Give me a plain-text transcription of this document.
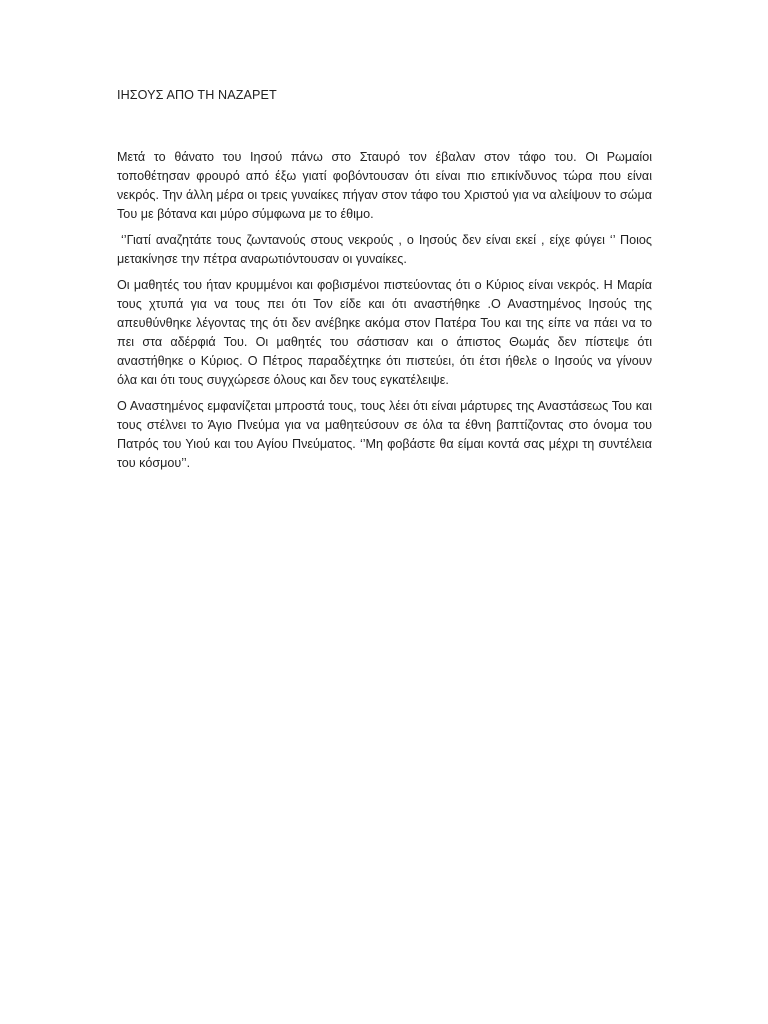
ΙΗΣΟΥΣ ΑΠΟ ΤΗ ΝΑΖΑΡΕΤ

Μετά το θάνατο του Ιησού πάνω στο Σταυρό τον έβαλαν στον τάφο του. Οι Ρωμαίοι τοποθέτησαν φρουρό από έξω γιατί φοβόντουσαν ότι είναι πιο επικίνδυνος τώρα που είναι νεκρός. Την άλλη μέρα οι τρεις γυναίκες πήγαν στον τάφο του Χριστού για να αλείψουν το σώμα Του με βότανα και μύρο σύμφωνα με το έθιμο.

‘’Γιατί αναζητάτε τους ζωντανούς στους νεκρούς , ο Ιησούς δεν είναι εκεί , είχε φύγει ‘’ Ποιος μετακίνησε την πέτρα αναρωτιόντουσαν οι γυναίκες.

Οι μαθητές του ήταν κρυμμένοι και φοβισμένοι πιστεύοντας ότι ο Κύριος είναι νεκρός. Η Μαρία τους χτυπά για να τους πει ότι Τον είδε και ότι αναστήθηκε .Ο Αναστημένος Ιησούς της απευθύνθηκε λέγοντας της ότι δεν ανέβηκε ακόμα στον Πατέρα Του και της είπε να πάει να το πει στα αδέρφιά Του. Οι μαθητές του σάστισαν και ο άπιστος Θωμάς δεν πίστεψε ότι αναστήθηκε ο Κύριος. Ο Πέτρος παραδέχτηκε ότι πιστεύει, ότι έτσι ήθελε ο Ιησούς να γίνουν όλα και ότι τους συγχώρεσε όλους και δεν τους εγκατέλειψε.

Ο Αναστημένος εμφανίζεται μπροστά τους, τους λέει ότι είναι μάρτυρες της Αναστάσεως Του και τους στέλνει το Άγιο Πνεύμα για να μαθητεύσουν σε όλα τα έθνη βαπτίζοντας στο όνομα του Πατρός του Υιού και του Αγίου Πνεύματος. ‘’Μη φοβάστε θα είμαι κοντά σας μέχρι τη συντέλεια του κόσμου’’.
